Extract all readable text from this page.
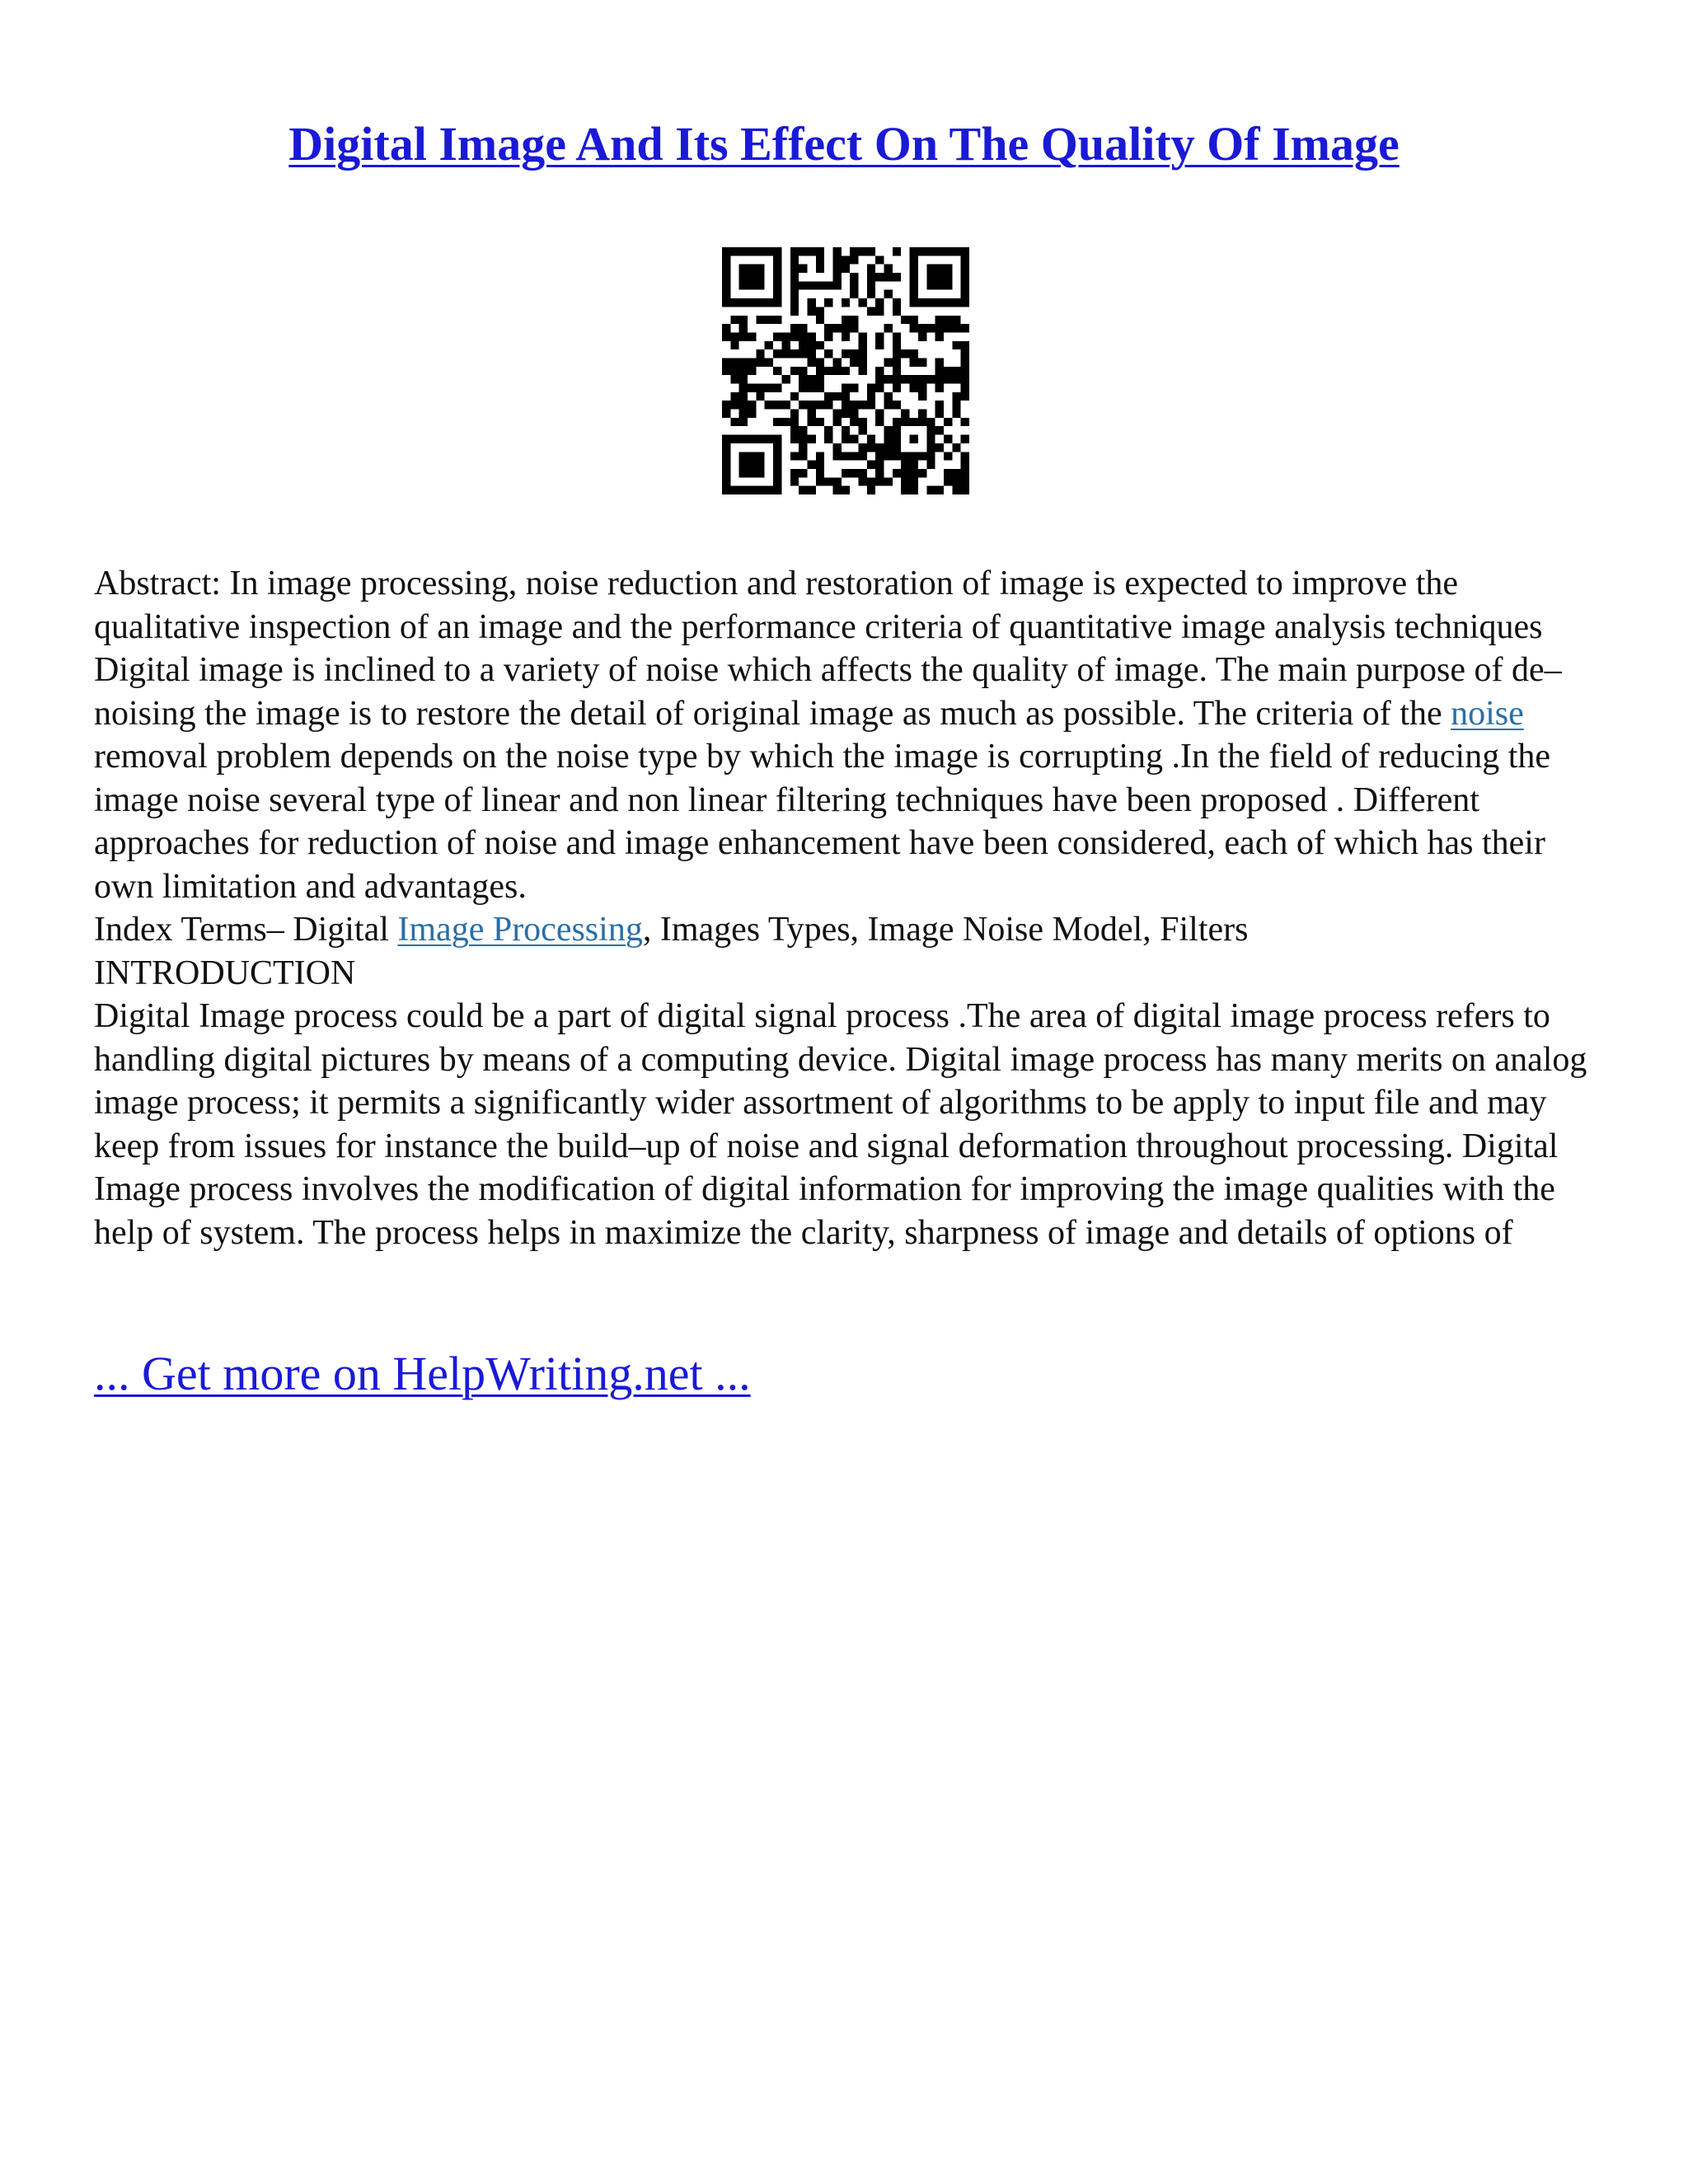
Digital Image And Its Effect On The Quality Of Image

Abstract: In image processing, noise reduction and restoration of image is expected to improve the qualitative inspection of an image and the performance criteria of quantitative image analysis techniques Digital image is inclined to a variety of noise which affects the quality of image. The main purpose of de–noising the image is to restore the detail of original image as much as possible. The criteria of the noise removal problem depends on the noise type by which the image is corrupting .In the field of reducing the image noise several type of linear and non linear filtering techniques have been proposed . Different approaches for reduction of noise and image enhancement have been considered, each of which has their own limitation and advantages.

Index Terms– Digital Image Processing, Images Types, Image Noise Model, Filters

INTRODUCTION

Digital Image process could be a part of digital signal process .The area of digital image process refers to handling digital pictures by means of a computing device. Digital image process has many merits on analog image process; it permits a significantly wider assortment of algorithms to be apply to input file and may keep from issues for instance the build–up of noise and signal deformation throughout processing. Digital Image process involves the modification of digital information for improving the image qualities with the help of system. The process helps in maximize the clarity, sharpness of image and details of options of

... Get more on HelpWriting.net ...
